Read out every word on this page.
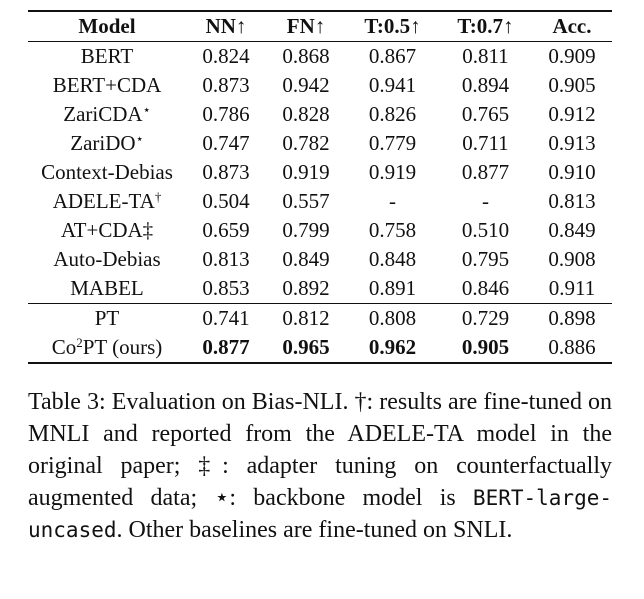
Model	NN↑	FN↑	T:0.5↑	T:0.7↑	Acc.
BERT	0.824	0.868	0.867	0.811	0.909
BERT+CDA	0.873	0.942	0.941	0.894	0.905
ZariCDA⋆	0.786	0.828	0.826	0.765	0.912
ZariDO⋆	0.747	0.782	0.779	0.711	0.913
Context-Debias	0.873	0.919	0.919	0.877	0.910
ADELE-TA†	0.504	0.557	-	-	0.813
AT+CDA‡	0.659	0.799	0.758	0.510	0.849
Auto-Debias	0.813	0.849	0.848	0.795	0.908
MABEL	0.853	0.892	0.891	0.846	0.911
PT	0.741	0.812	0.808	0.729	0.898
Co$^2$PT (ours)	0.877	0.965	0.962	0.905	0.886

Table 3: Evaluation on Bias-NLI. †: results are fine-tuned on MNLI and reported from the ADELE-TA model in the original paper; ‡: adapter tuning on counterfactually augmented data; ⋆: backbone model is BERT-large-uncased. Other baselines are fine-tuned on SNLI.
